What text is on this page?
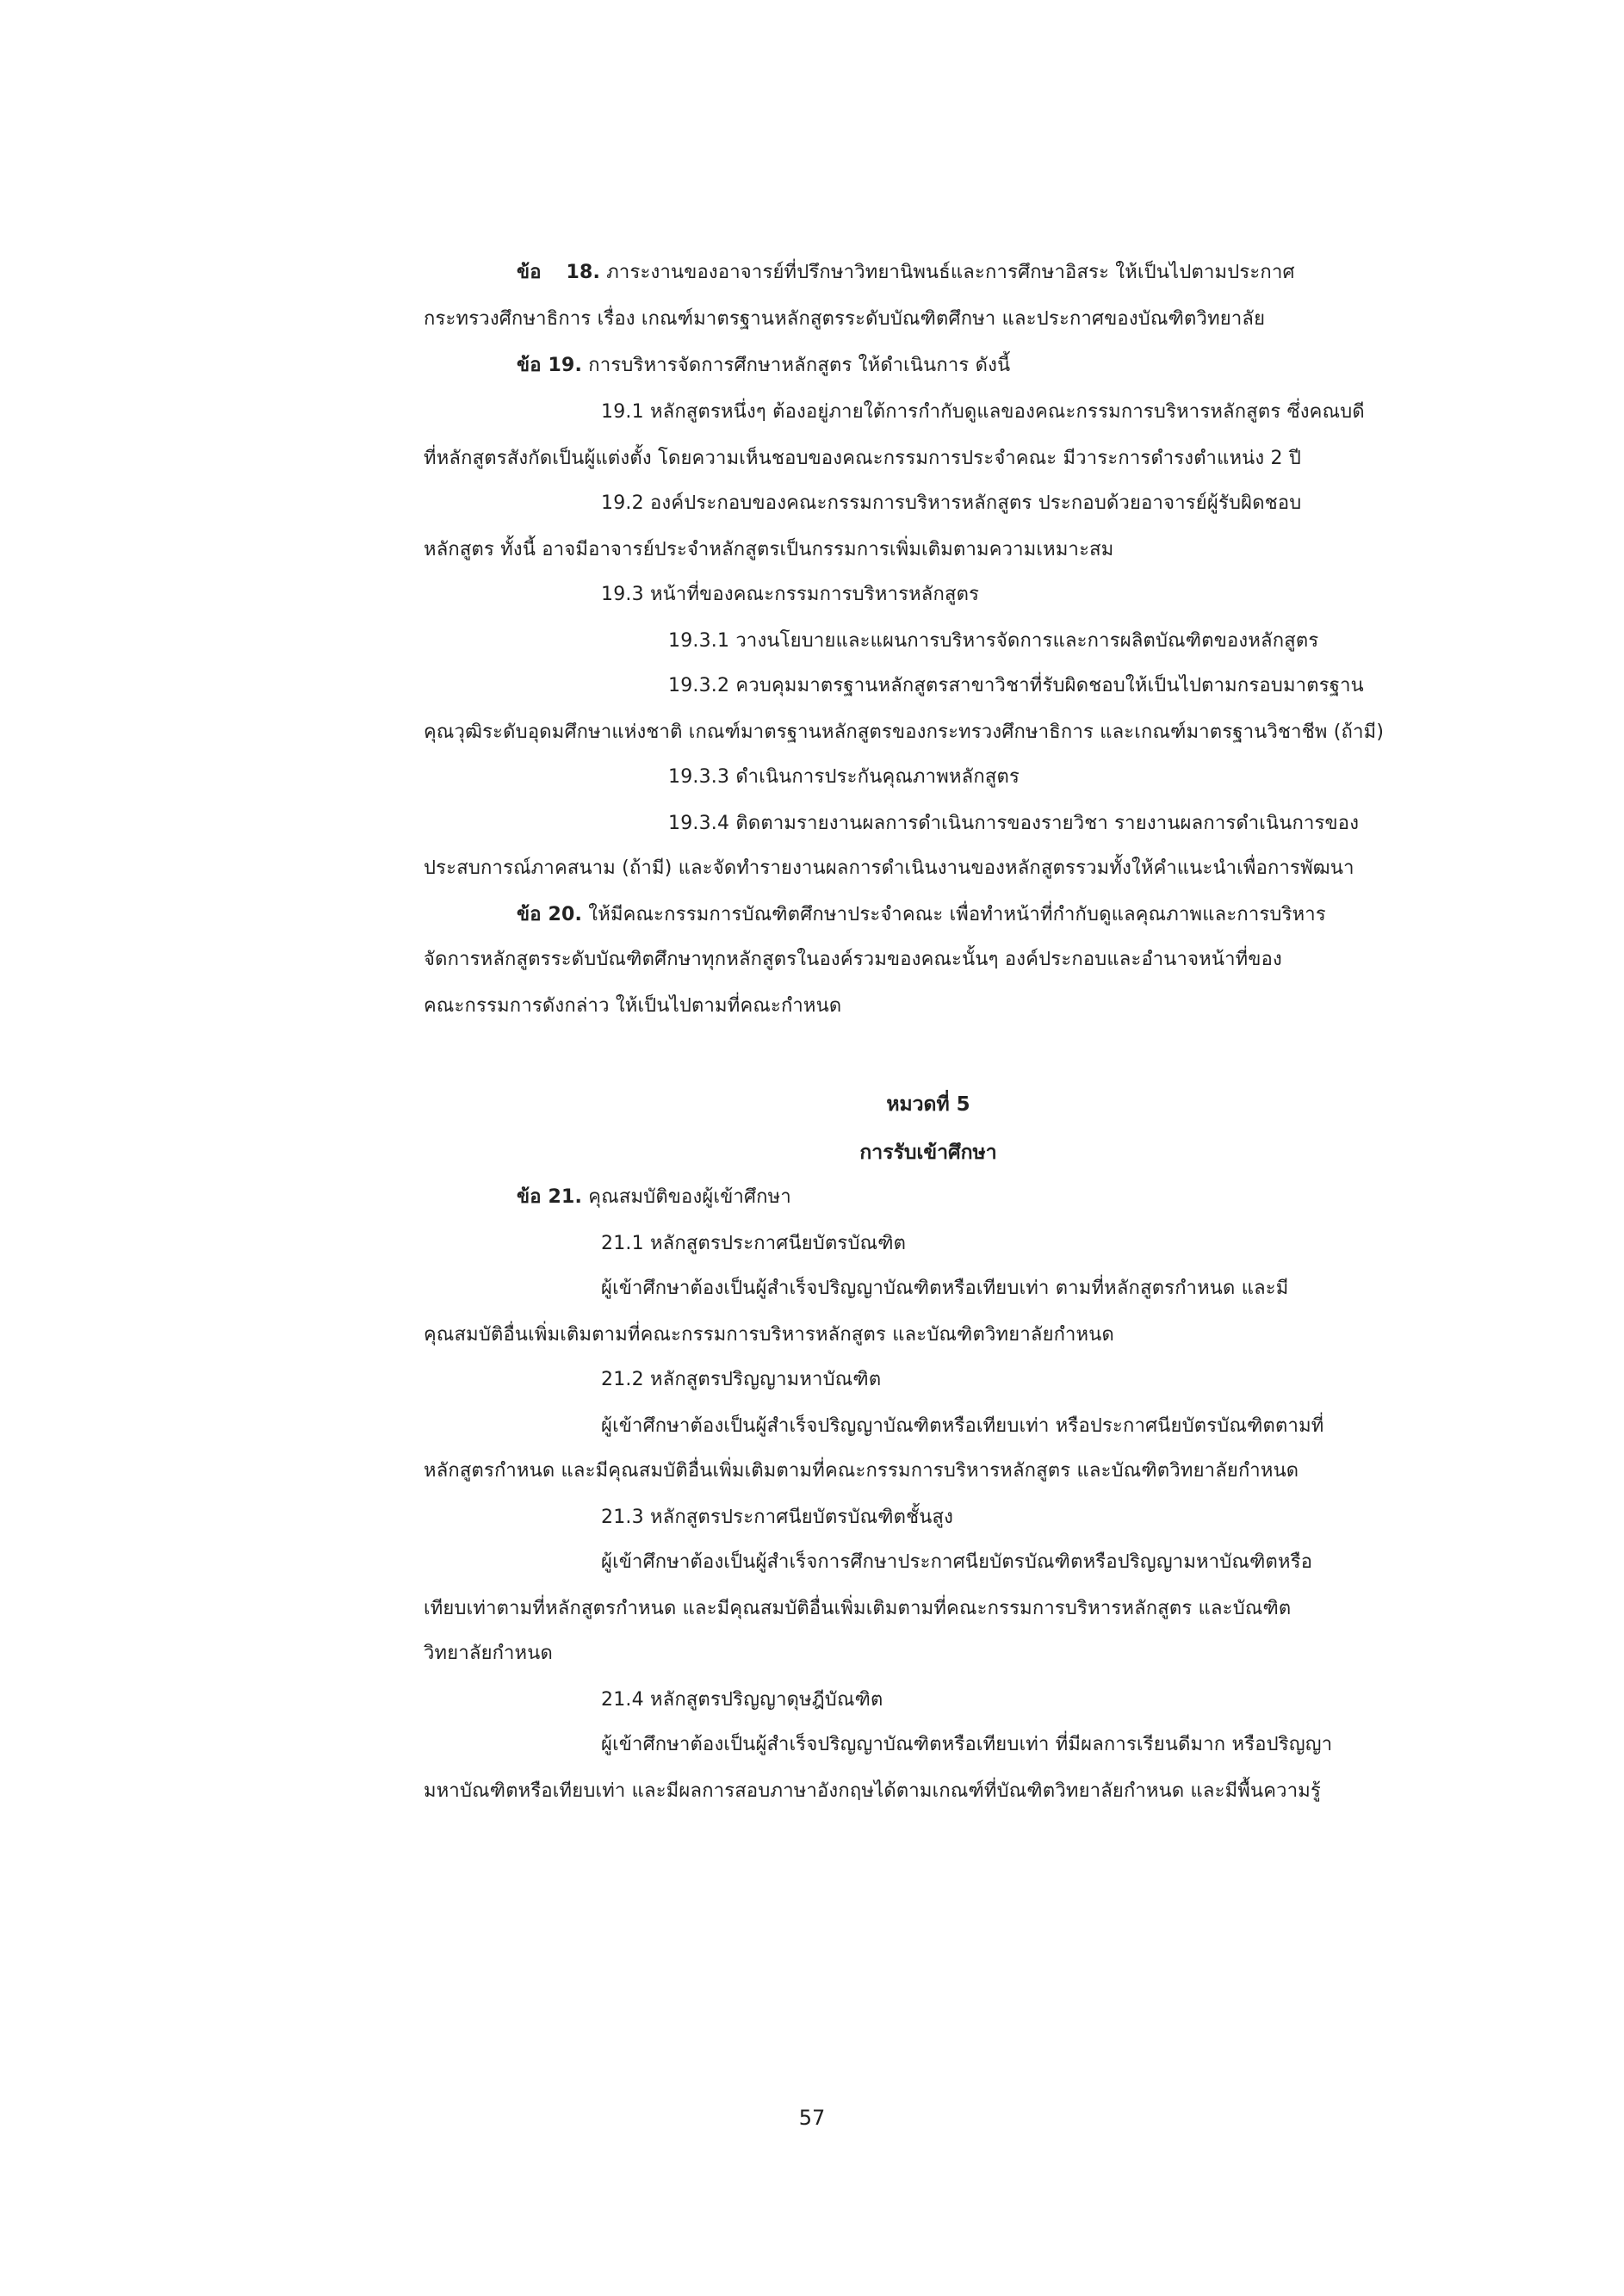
ข้อ 18. ภาระงานของอาจารย์ที่ปรึกษาวิทยานิพนธ์และการศึกษาอิสระ ให้เป็นไปตามประกาศ
กระทรวงศึกษาธิการ เรื่อง เกณฑ์มาตรฐานหลักสูตรระดับบัณฑิตศึกษา และประกาศของบัณฑิตวิทยาลัย
ข้อ 19. การบริหารจัดการศึกษาหลักสูตร ให้ดำเนินการ ดังนี้
19.1 หลักสูตรหนึ่งๆ ต้องอยู่ภายใต้การกำกับดูแลของคณะกรรมการบริหารหลักสูตร ซึ่งคณบดี
ที่หลักสูตรสังกัดเป็นผู้แต่งตั้ง โดยความเห็นชอบของคณะกรรมการประจำคณะ มีวาระการดำรงตำแหน่ง 2 ปี
19.2 องค์ประกอบของคณะกรรมการบริหารหลักสูตร ประกอบด้วยอาจารย์ผู้รับผิดชอบ
หลักสูตร ทั้งนี้ อาจมีอาจารย์ประจำหลักสูตรเป็นกรรมการเพิ่มเติมตามความเหมาะสม
19.3 หน้าที่ของคณะกรรมการบริหารหลักสูตร
19.3.1 วางนโยบายและแผนการบริหารจัดการและการผลิตบัณฑิตของหลักสูตร
19.3.2 ควบคุมมาตรฐานหลักสูตรสาขาวิชาที่รับผิดชอบให้เป็นไปตามกรอบมาตรฐาน
คุณวุฒิระดับอุดมศึกษาแห่งชาติ เกณฑ์มาตรฐานหลักสูตรของกระทรวงศึกษาธิการ และเกณฑ์มาตรฐานวิชาชีพ (ถ้ามี)
19.3.3 ดำเนินการประกันคุณภาพหลักสูตร
19.3.4 ติดตามรายงานผลการดำเนินการของรายวิชา รายงานผลการดำเนินการของ
ประสบการณ์ภาคสนาม (ถ้ามี) และจัดทำรายงานผลการดำเนินงานของหลักสูตรรวมทั้งให้คำแนะนำเพื่อการพัฒนา
ข้อ 20. ให้มีคณะกรรมการบัณฑิตศึกษาประจำคณะ เพื่อทำหน้าที่กำกับดูแลคุณภาพและการบริหาร
จัดการหลักสูตรระดับบัณฑิตศึกษาทุกหลักสูตรในองค์รวมของคณะนั้นๆ องค์ประกอบและอำนาจหน้าที่ของ
คณะกรรมการดังกล่าว ให้เป็นไปตามที่คณะกำหนด
หมวดที่ 5
การรับเข้าศึกษา
ข้อ 21. คุณสมบัติของผู้เข้าศึกษา
21.1 หลักสูตรประกาศนียบัตรบัณฑิต
ผู้เข้าศึกษาต้องเป็นผู้สำเร็จปริญญาบัณฑิตหรือเทียบเท่า ตามที่หลักสูตรกำหนด และมี
คุณสมบัติอื่นเพิ่มเติมตามที่คณะกรรมการบริหารหลักสูตร และบัณฑิตวิทยาลัยกำหนด
21.2 หลักสูตรปริญญามหาบัณฑิต
ผู้เข้าศึกษาต้องเป็นผู้สำเร็จปริญญาบัณฑิตหรือเทียบเท่า หรือประกาศนียบัตรบัณฑิตตามที่
หลักสูตรกำหนด และมีคุณสมบัติอื่นเพิ่มเติมตามที่คณะกรรมการบริหารหลักสูตร และบัณฑิตวิทยาลัยกำหนด
21.3 หลักสูตรประกาศนียบัตรบัณฑิตชั้นสูง
ผู้เข้าศึกษาต้องเป็นผู้สำเร็จการศึกษาประกาศนียบัตรบัณฑิตหรือปริญญามหาบัณฑิตหรือ
เทียบเท่าตามที่หลักสูตรกำหนด และมีคุณสมบัติอื่นเพิ่มเติมตามที่คณะกรรมการบริหารหลักสูตร และบัณฑิต
วิทยาลัยกำหนด
21.4 หลักสูตรปริญญาดุษฎีบัณฑิต
ผู้เข้าศึกษาต้องเป็นผู้สำเร็จปริญญาบัณฑิตหรือเทียบเท่า ที่มีผลการเรียนดีมาก หรือปริญญา
มหาบัณฑิตหรือเทียบเท่า และมีผลการสอบภาษาอังกฤษได้ตามเกณฑ์ที่บัณฑิตวิทยาลัยกำหนด และมีพื้นความรู้
57
